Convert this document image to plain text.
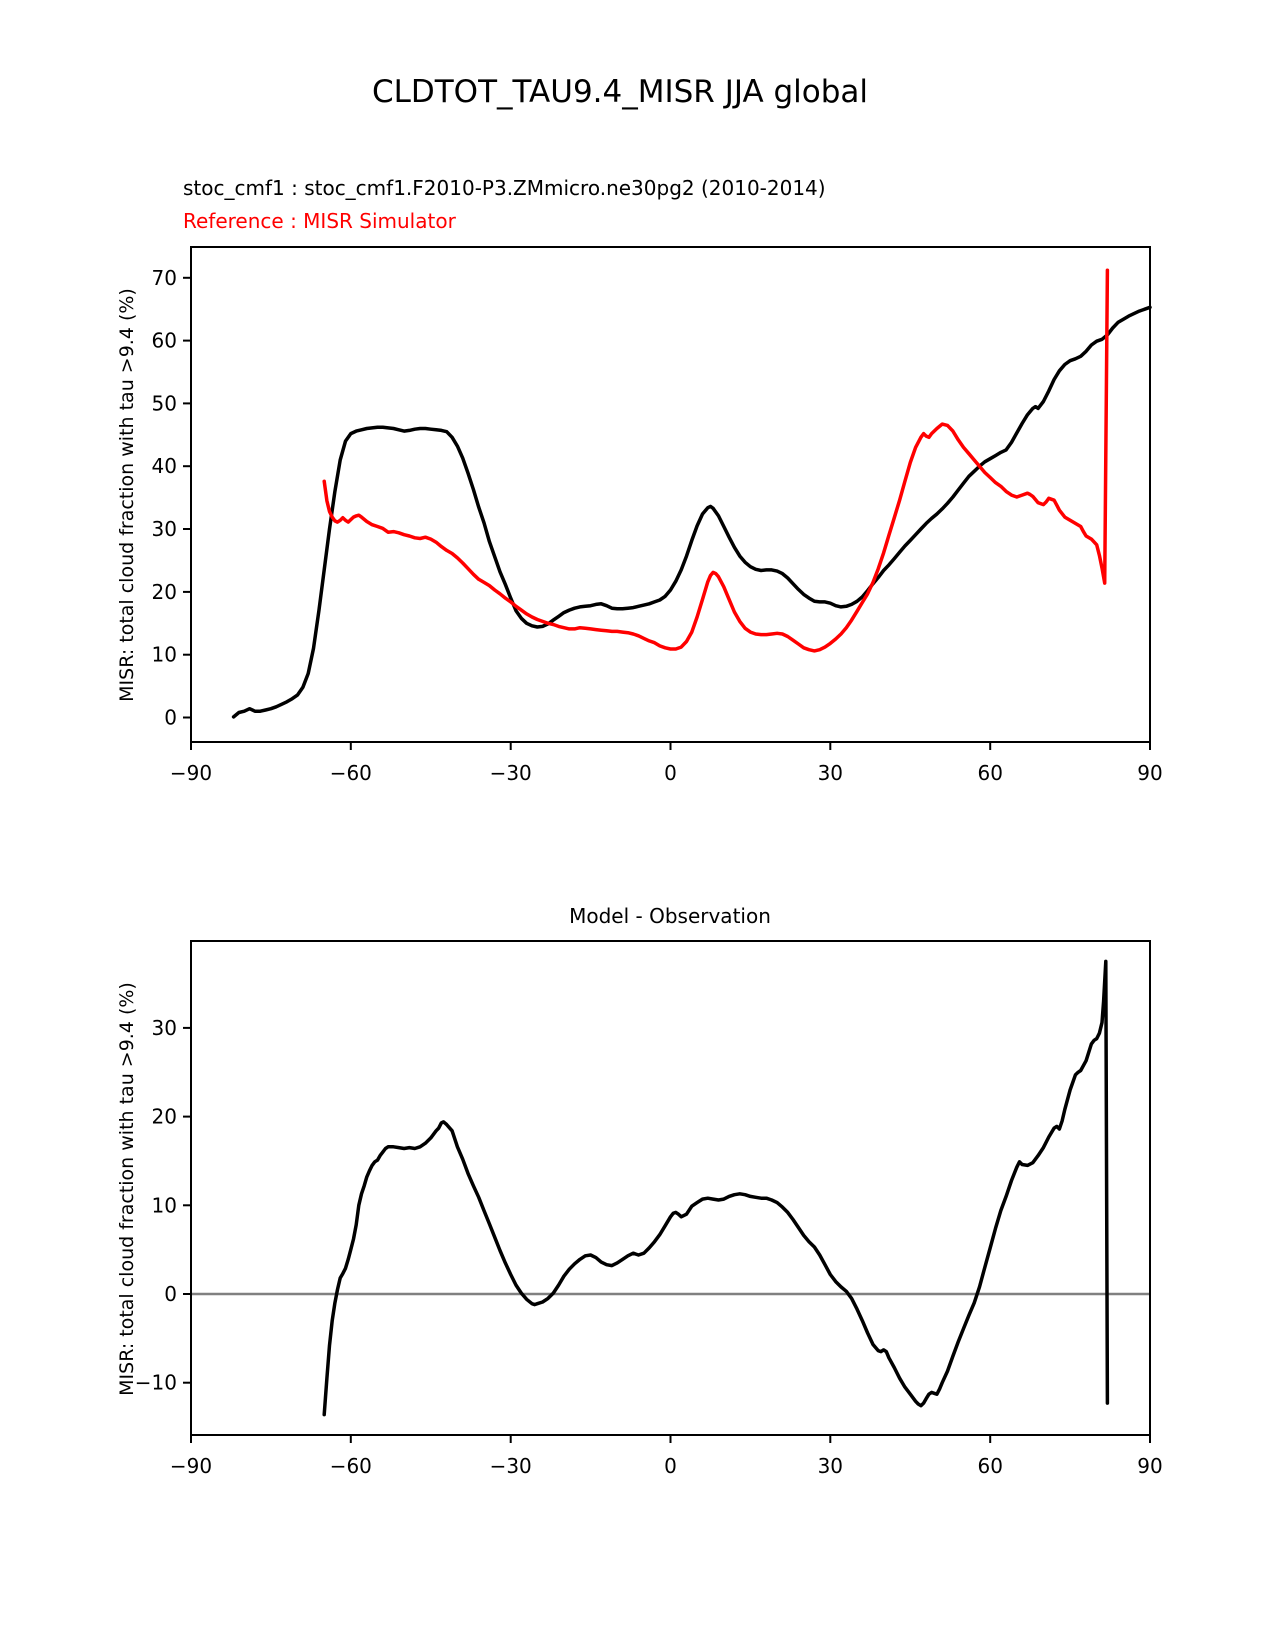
CLDTOT_TAU9.4_MISR JJA global
stoc_cmf1 : stoc_cmf1.F2010-P3.ZMmicro.ne30pg2 (2010-2014)
Reference : MISR Simulator
MISR: total cloud fraction with tau >9.4 (%)
−90	−60	−30	0	30	60	90
0
10
20
30
40
50
60
70
Model - Observation
MISR: total cloud fraction with tau >9.4 (%)
−90	−60	−30	0	30	60	90
−10
0
10
20
30
